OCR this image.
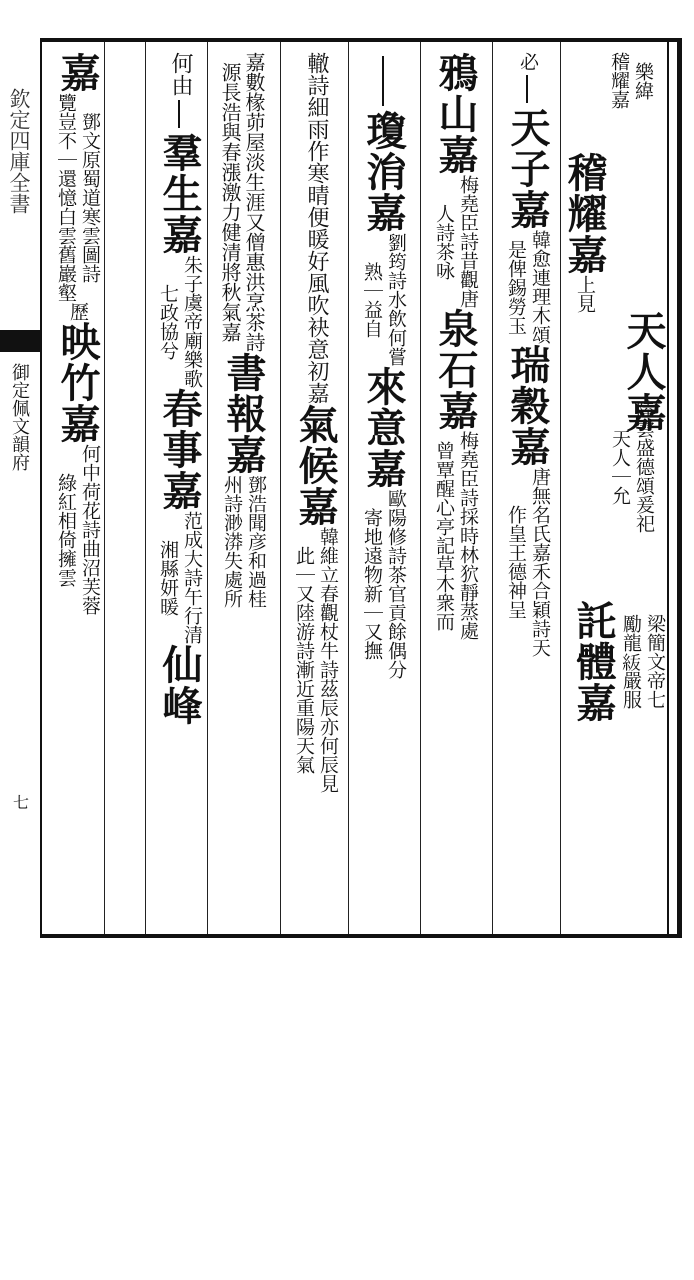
欽定四庫全書
御定佩文韻府
七
樂緯
稽耀嘉
稽耀嘉
上見
天人嘉
必
天子嘉
韓愈連理木頌
是俾錫勞玉
瑞穀嘉
唐無名氏嘉禾合穎詩天
作皇王德神呈
鴉山嘉
梅堯臣詩昔觀唐
人詩茶咏
泉石嘉
梅堯臣詩採時林狖靜蒸處
曾覃醒心亭記草木衆而
瓊㳙嘉
劉筠詩水飲何嘗
熟｜益自
來意嘉
歐陽修詩茶官貢餘偶分
寄地遠物新｜又撫
轍詩細雨作寒晴便暖好風吹袂意初嘉
氣候嘉
韓維立春觀杖牛詩茲辰亦何辰見
此｜又陸游詩漸近重陽天氣
嘉數椽茆屋淡生涯又僧惠洪烹茶詩
源長浩與春漲激力健清將秋氣嘉
書報嘉
鄧浩聞彦和過桂
州詩渺漭失處所
何由
羣生嘉
朱子虞帝廟樂歌
七政協兮
春事嘉
范成大詩午行清
湘縣妍暖
仙峰
嘉
鄧文原蜀道寒雲圖詩
覽豈不｜還憶白雲舊巖壑
歷
映竹嘉
何中荷花詩曲沼芙蓉
綠紅相倚擁雲	陸雲盛德頌爰祀
天人｜允
梁簡文帝七
勵龍𥿈嚴服
託體嘉
